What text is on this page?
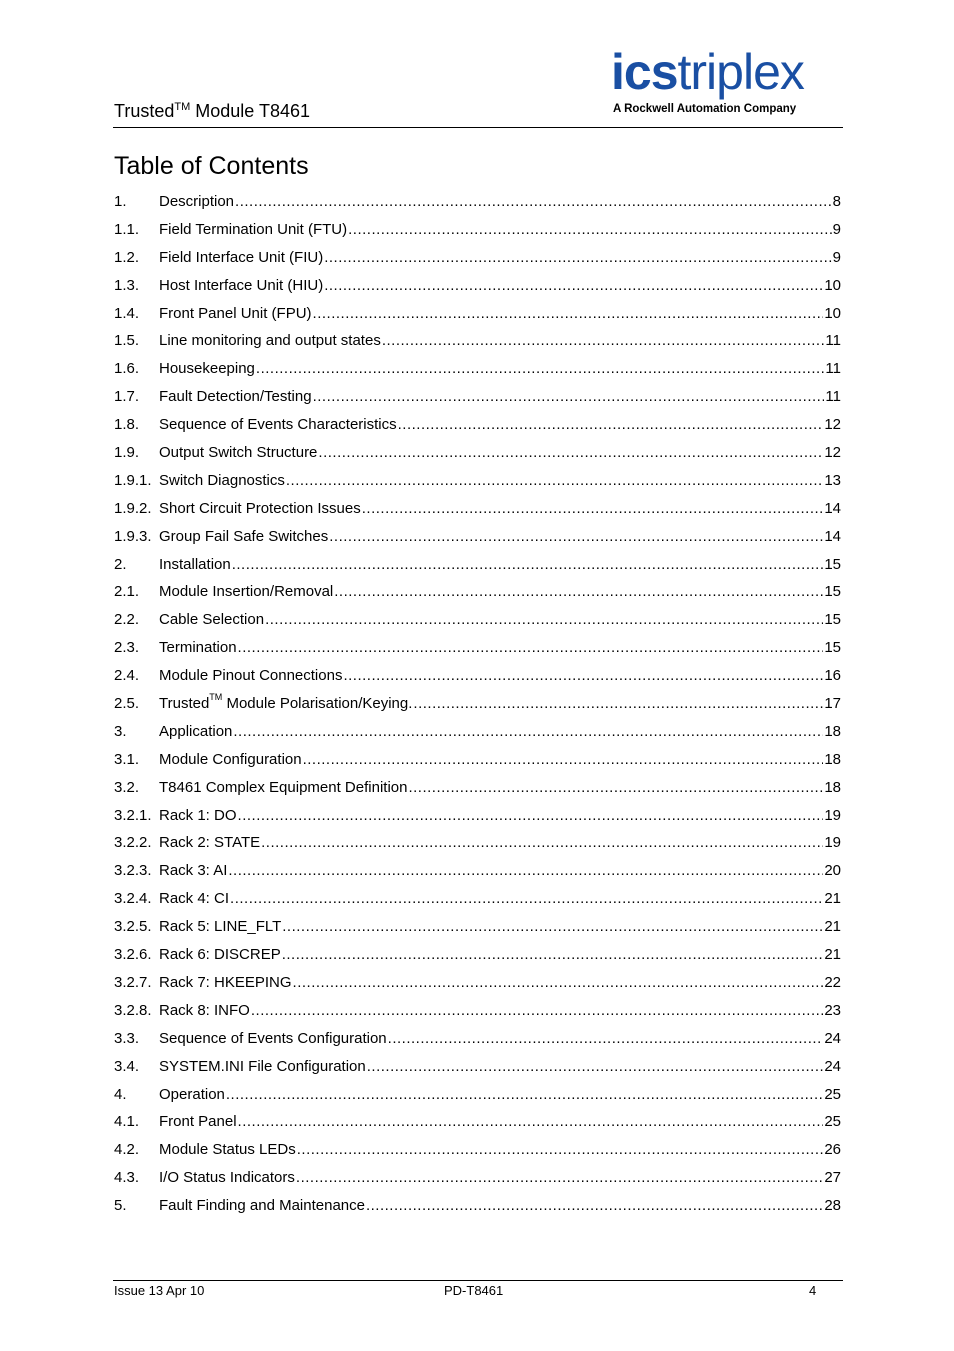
Trusted™ Module T8461
icstriplex
A Rockwell Automation Company
Table of Contents
1.	Description .....	8
1.1.	Field Termination Unit (FTU) .....	9
1.2.	Field Interface Unit (FIU) .....	9
1.3.	Host Interface Unit (HIU) .....	10
1.4.	Front Panel Unit (FPU) .....	10
1.5.	Line monitoring and output states .....	11
1.6.	Housekeeping .....	11
1.7.	Fault Detection/Testing .....	11
1.8.	Sequence of Events Characteristics .....	12
1.9.	Output Switch Structure .....	12
1.9.1. Switch Diagnostics .....	13
1.9.2. Short Circuit Protection Issues .....	14
1.9.3. Group Fail Safe Switches .....	14
2.	Installation .....	15
2.1.	Module Insertion/Removal .....	15
2.2.	Cable Selection .....	15
2.3.	Termination .....	15
2.4.	Module Pinout Connections .....	16
2.5.	Trusted™ Module Polarisation/Keying. .....	17
3.	Application .....	18
3.1.	Module Configuration .....	18
3.2.	T8461 Complex Equipment Definition .....	18
3.2.1. Rack 1: DO .....	19
3.2.2. Rack 2: STATE .....	19
3.2.3. Rack 3: AI .....	20
3.2.4. Rack 4: CI .....	21
3.2.5. Rack 5: LINE_FLT .....	21
3.2.6. Rack 6: DISCREP .....	21
3.2.7. Rack 7: HKEEPING .....	22
3.2.8. Rack 8: INFO .....	23
3.3.	Sequence of Events Configuration .....	24
3.4.	SYSTEM.INI File Configuration .....	24
4.	Operation .....	25
4.1.	Front Panel .....	25
4.2.	Module Status LEDs .....	26
4.3.	I/O Status Indicators .....	27
5.	Fault Finding and Maintenance .....	28
Issue 13 Apr 10	PD-T8461	4
